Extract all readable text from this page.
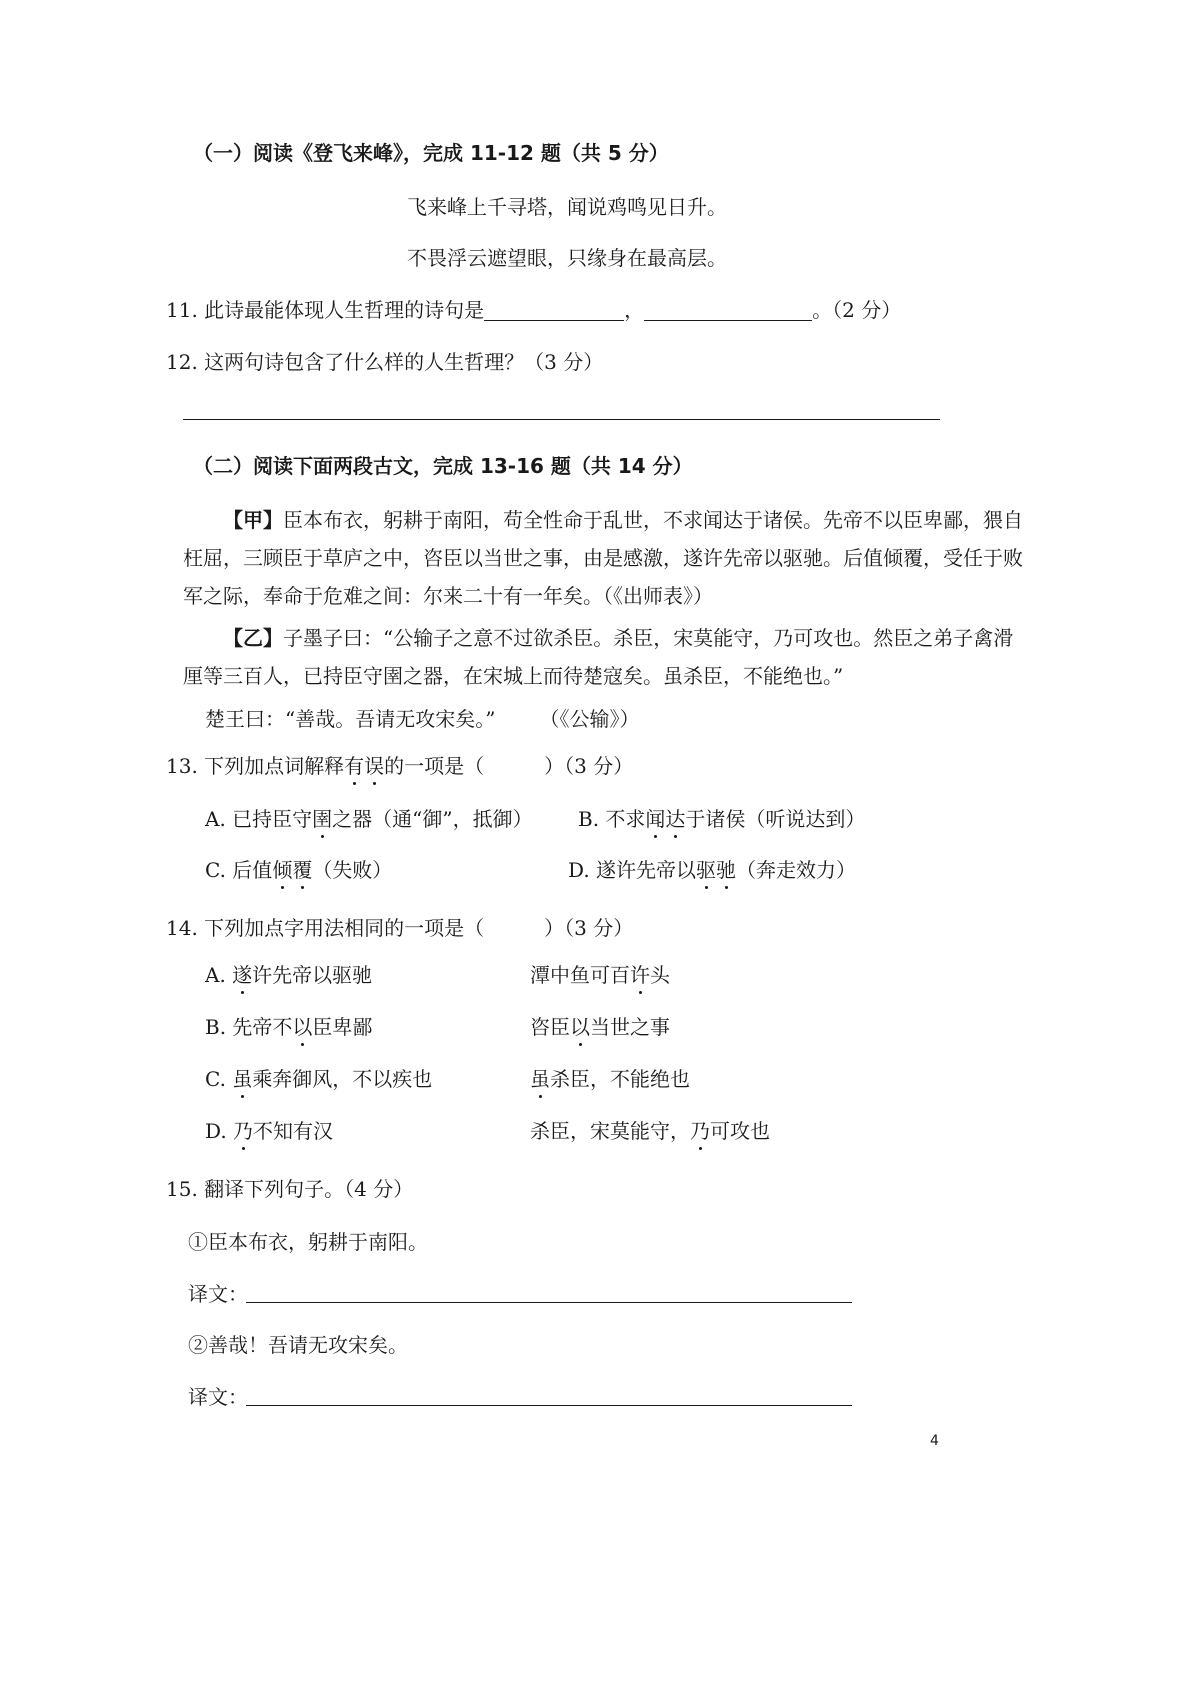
（一）阅读《登飞来峰》，完成 11-12 题（共 5 分）
飞来峰上千寻塔，闻说鸡鸣见日升。
不畏浮云遮望眼，只缘身在最高层。
11. 此诗最能体现人生哲理的诗句是	，	。（2 分）
12. 这两句诗包含了什么样的人生哲理？（3 分）
（二）阅读下面两段古文，完成 13-16 题（共 14 分）
【甲】臣本布衣，躬耕于南阳，苟全性命于乱世，不求闻达于诸侯。先帝不以臣卑鄙，猥自枉屈，三顾臣于草庐之中，咨臣以当世之事，由是感激，遂许先帝以驱驰。后值倾覆，受任于败军之际，奉命于危难之间：尔来二十有一年矣。（《出师表》）
【乙】子墨子曰：“公输子之意不过欲杀臣。杀臣，宋莫能守，乃可攻也。然臣之弟子禽滑厘等三百人，已持臣守圉之器，在宋城上而待楚寇矣。虽杀臣，不能绝也。”
楚王曰：“善哉。吾请无攻宋矣。” （《公输》）
13. 下列加点词解释有误的一项是（	）（3 分）
A. 已持臣守圉之器（通“御”，抵御） B. 不求闻达于诸侯（听说达到）
C. 后值倾覆（失败）	D. 遂许先帝以驱驰（奔走效力）
14. 下列加点字用法相同的一项是（　　　）（3 分）
A. 遂许先帝以驱驰	潭中鱼可百许头
B. 先帝不以臣卑鄙	咨臣以当世之事
C. 虽乘奔御风，不以疾也	虽杀臣，不能绝也
D. 乃不知有汉	杀臣，宋莫能守，乃可攻也
15. 翻译下列句子。（4 分）
①臣本布衣，躬耕于南阳。
译文：
②善哉！吾请无攻宋矣。
译文：
4
